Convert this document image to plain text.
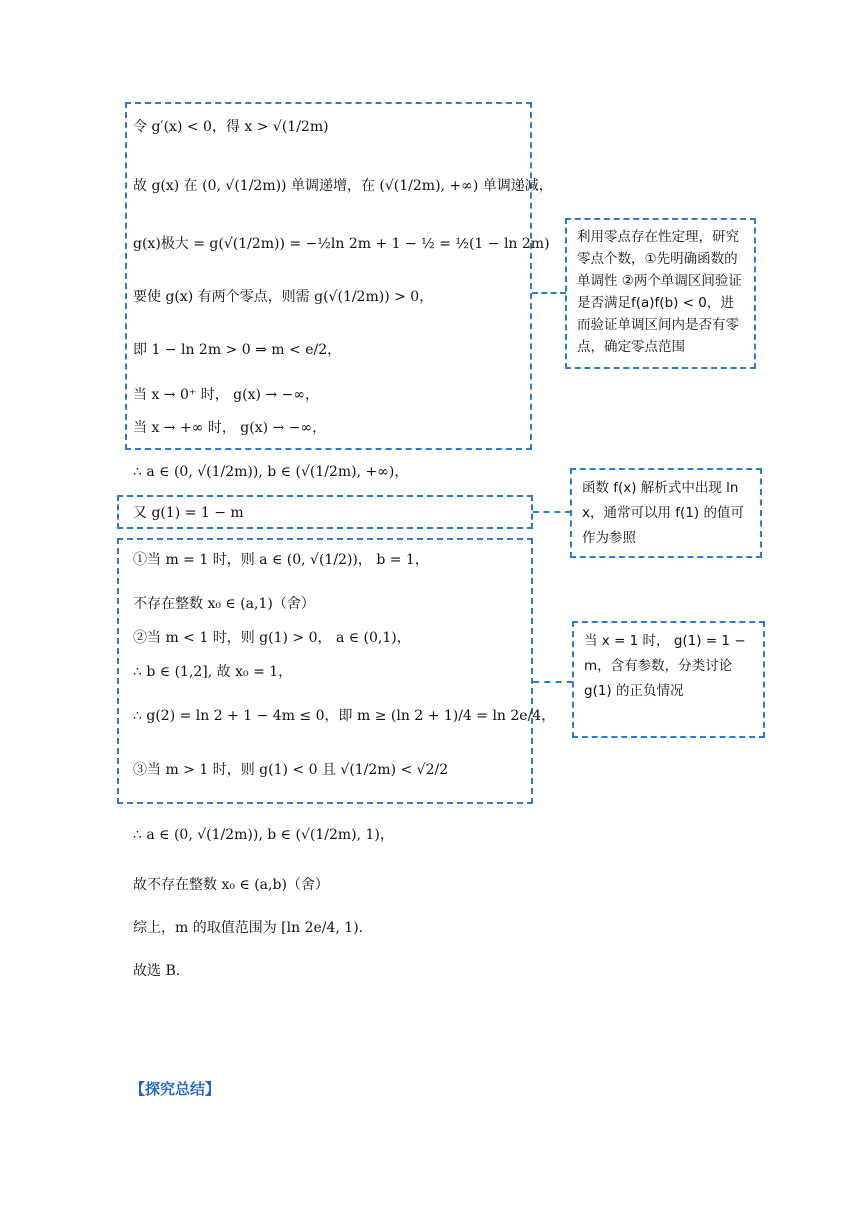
令 g′(x) < 0，得 x > √(1/2m)
故 g(x) 在 (0, √(1/2m)) 单调递增，在 (√(1/2m), +∞) 单调递减，
g(x)极大 = g(√(1/2m)) = −½ln 2m + 1 − ½ = ½(1 − ln 2m)
要使 g(x) 有两个零点，则需 g(√(1/2m)) > 0，
即 1 − ln 2m > 0 ⇒ m < e/2，
当 x → 0⁺ 时， g(x) → −∞，
当 x → +∞ 时， g(x) → −∞，
利用零点存在性定理，研究零点个数，①先明确函数的单调性 ②两个单调区间验证是否满足f(a)f(b) < 0，进而验证单调区间内是否有零点，确定零点范围
∴ a ∈ (0, √(1/2m)), b ∈ (√(1/2m), +∞)，
又 g(1) = 1 − m
函数 f(x) 解析式中出现 ln x，通常可以用 f(1) 的值可作为参照
①当 m = 1 时，则 a ∈ (0, √(1/2))， b = 1，
不存在整数 x₀ ∈ (a,1)（舍）
②当 m < 1 时，则 g(1) > 0， a ∈ (0,1)，
∴ b ∈ (1,2], 故 x₀ = 1，
∴ g(2) = ln 2 + 1 − 4m ≤ 0，即 m ≥ (ln 2 + 1)/4 = ln 2e/4，
③当 m > 1 时，则 g(1) < 0 且 √(1/2m) < √2/2
当 x = 1 时， g(1) = 1 − m，含有参数，分类讨论 g(1) 的正负情况
∴ a ∈ (0, √(1/2m)), b ∈ (√(1/2m), 1)，
故不存在整数 x₀ ∈ (a,b)（舍）
综上，m 的取值范围为 [ln 2e/4, 1).
故选 B.
【探究总结】
